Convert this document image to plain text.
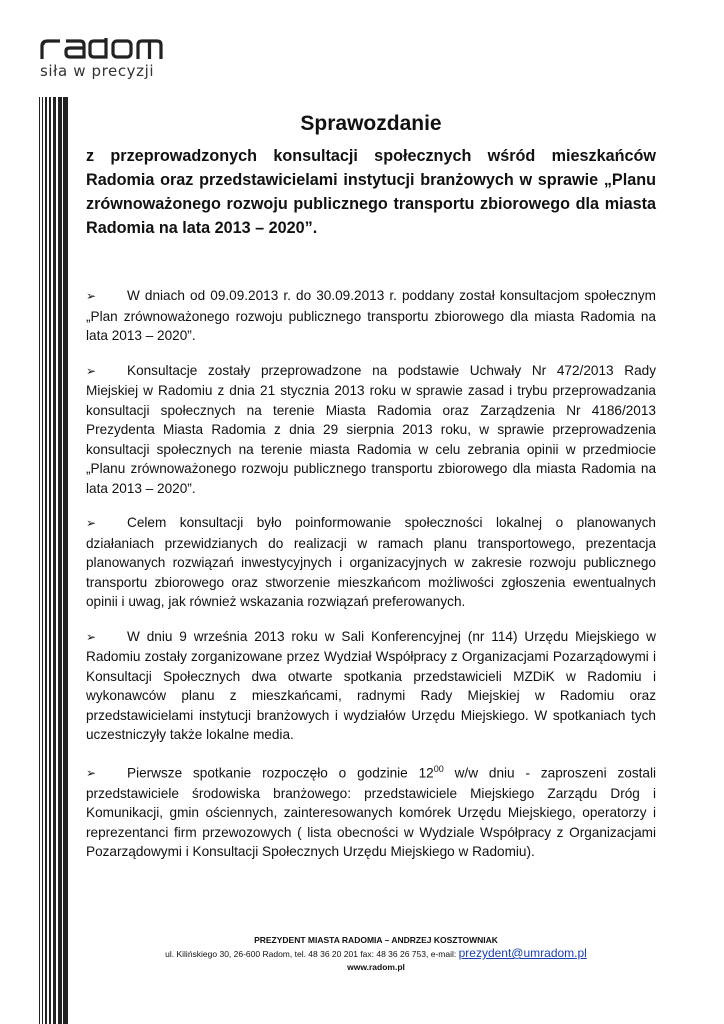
siła w precyzji
Sprawozdanie

z przeprowadzonych konsultacji społecznych wśród mieszkańców Radomia oraz przedstawicielami instytucji branżowych w sprawie „Planu zrównoważonego rozwoju publicznego transportu zbiorowego dla miasta Radomia na lata 2013 – 2020”.

➢ W dniach od 09.09.2013 r. do 30.09.2013 r. poddany został konsultacjom społecznym „Plan zrównoważonego rozwoju publicznego transportu zbiorowego dla miasta Radomia na lata 2013 – 2020”.

➢ Konsultacje zostały przeprowadzone na podstawie Uchwały Nr 472/2013 Rady Miejskiej w Radomiu z dnia 21 stycznia 2013 roku w sprawie zasad i trybu przeprowadzania konsultacji społecznych na terenie Miasta Radomia oraz Zarządzenia Nr 4186/2013 Prezydenta Miasta Radomia z dnia 29 sierpnia 2013 roku, w sprawie przeprowadzenia konsultacji społecznych na terenie miasta Radomia w celu zebrania opinii w przedmiocie „Planu zrównoważonego rozwoju publicznego transportu zbiorowego dla miasta Radomia na lata 2013 – 2020”.

➢ Celem konsultacji było poinformowanie społeczności lokalnej o planowanych działaniach przewidzianych do realizacji w ramach planu transportowego, prezentacja planowanych rozwiązań inwestycyjnych i organizacyjnych w zakresie rozwoju publicznego transportu zbiorowego oraz stworzenie mieszkańcom możliwości zgłoszenia ewentualnych opinii i uwag, jak również wskazania rozwiązań preferowanych.

➢ W dniu 9 września 2013 roku w Sali Konferencyjnej (nr 114) Urzędu Miejskiego w Radomiu zostały zorganizowane przez Wydział Współpracy z Organizacjami Pozarządowymi i Konsultacji Społecznych dwa otwarte spotkania przedstawicieli MZDiK w Radomiu i wykonawców planu z mieszkańcami, radnymi Rady Miejskiej w Radomiu oraz przedstawicielami instytucji branżowych i wydziałów Urzędu Miejskiego. W spotkaniach tych uczestniczyły także lokalne media.

➢ Pierwsze spotkanie rozpoczęło o godzinie $12^{00}$ w/w dniu - zaproszeni zostali przedstawiciele środowiska branżowego: przedstawiciele Miejskiego Zarządu Dróg i Komunikacji, gmin ościennych, zainteresowanych komórek Urzędu Miejskiego, operatorzy i reprezentanci firm przewozowych ( lista obecności w Wydziale Współpracy z Organizacjami Pozarządowymi i Konsultacji Społecznych Urzędu Miejskiego w Radomiu).

PREZYDENT MIASTA RADOMIA – ANDRZEJ KOSZTOWNIAK
ul. Kilińskiego 30, 26-600 Radom, tel. 48 36 20 201 fax: 48 36 26 753, e-mail: prezydent@umradom.pl
www.radom.pl
